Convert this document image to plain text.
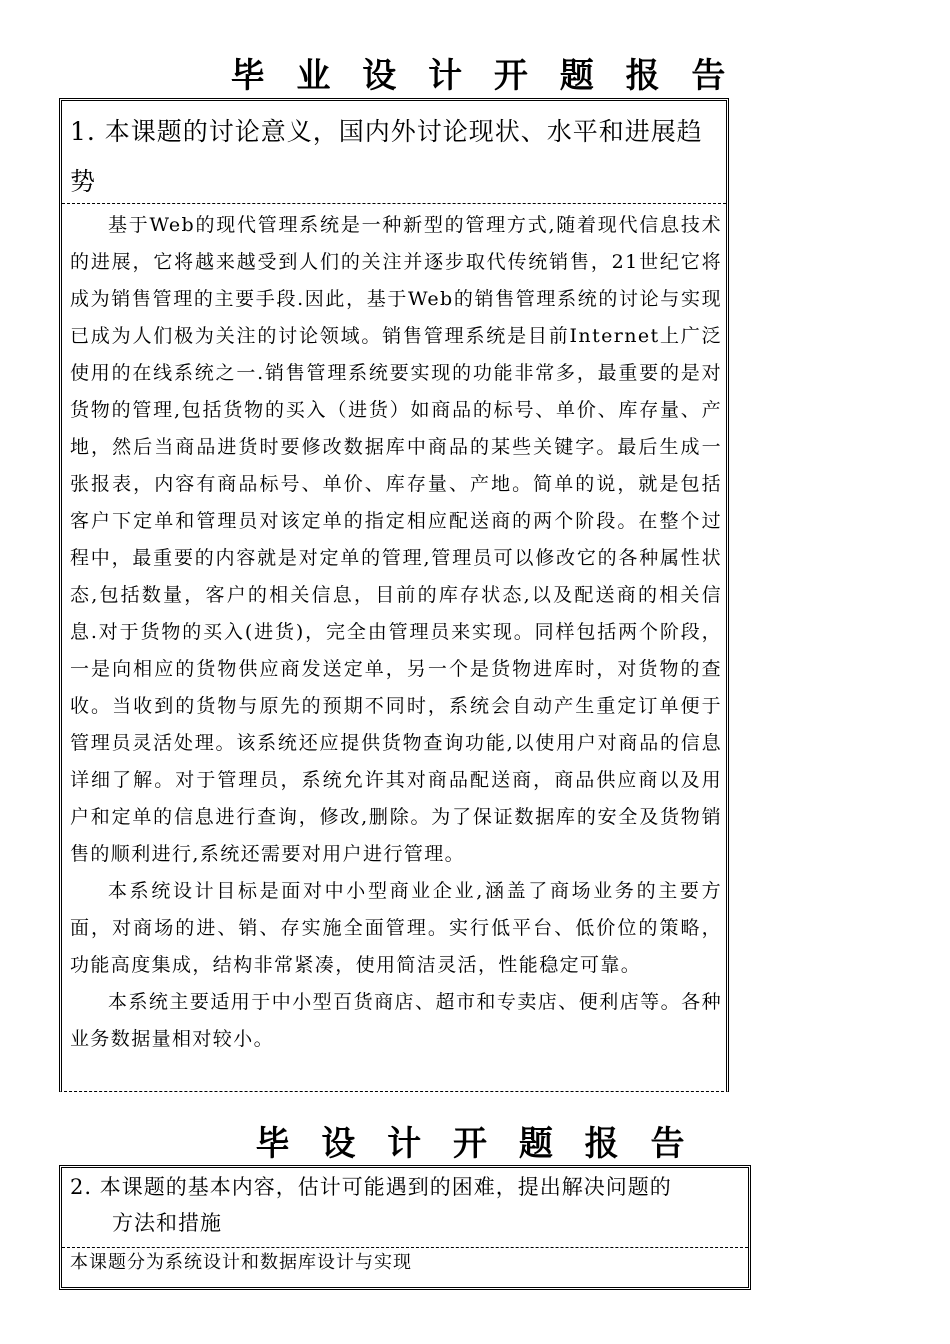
毕 业 设 计 开 题 报 告
1. 本课题的讨论意义，国内外讨论现状、水平和进展趋势

基于Web的现代管理系统是一种新型的管理方式,随着现代信息技术的进展，它将越来越受到人们的关注并逐步取代传统销售，21世纪它将成为销售管理的主要手段.因此，基于Web的销售管理系统的讨论与实现已成为人们极为关注的讨论领域。销售管理系统是目前Internet上广泛使用的在线系统之一.销售管理系统要实现的功能非常多，最重要的是对货物的管理,包括货物的买入（进货）如商品的标号、单价、库存量、产地，然后当商品进货时要修改数据库中商品的某些关键字。最后生成一张报表，内容有商品标号、单价、库存量、产地。简单的说，就是包括客户下定单和管理员对该定单的指定相应配送商的两个阶段。在整个过程中，最重要的内容就是对定单的管理,管理员可以修改它的各种属性状态,包括数量，客户的相关信息，目前的库存状态,以及配送商的相关信息.对于货物的买入(进货)，完全由管理员来实现。同样包括两个阶段，一是向相应的货物供应商发送定单，另一个是货物进库时，对货物的查收。当收到的货物与原先的预期不同时，系统会自动产生重定订单便于管理员灵活处理。该系统还应提供货物查询功能,以使用户对商品的信息详细了解。对于管理员，系统允许其对商品配送商，商品供应商以及用户和定单的信息进行查询，修改,删除。为了保证数据库的安全及货物销售的顺利进行,系统还需要对用户进行管理。

本系统设计目标是面对中小型商业企业,涵盖了商场业务的主要方面，对商场的进、销、存实施全面管理。实行低平台、低价位的策略，功能高度集成，结构非常紧凑，使用简洁灵活，性能稳定可靠。

本系统主要适用于中小型百货商店、超市和专卖店、便利店等。各种业务数据量相对较小。

毕 设 计 开 题 报 告
2. 本课题的基本内容，估计可能遇到的困难，提出解决问题的
方法和措施
本课题分为系统设计和数据库设计与实现
